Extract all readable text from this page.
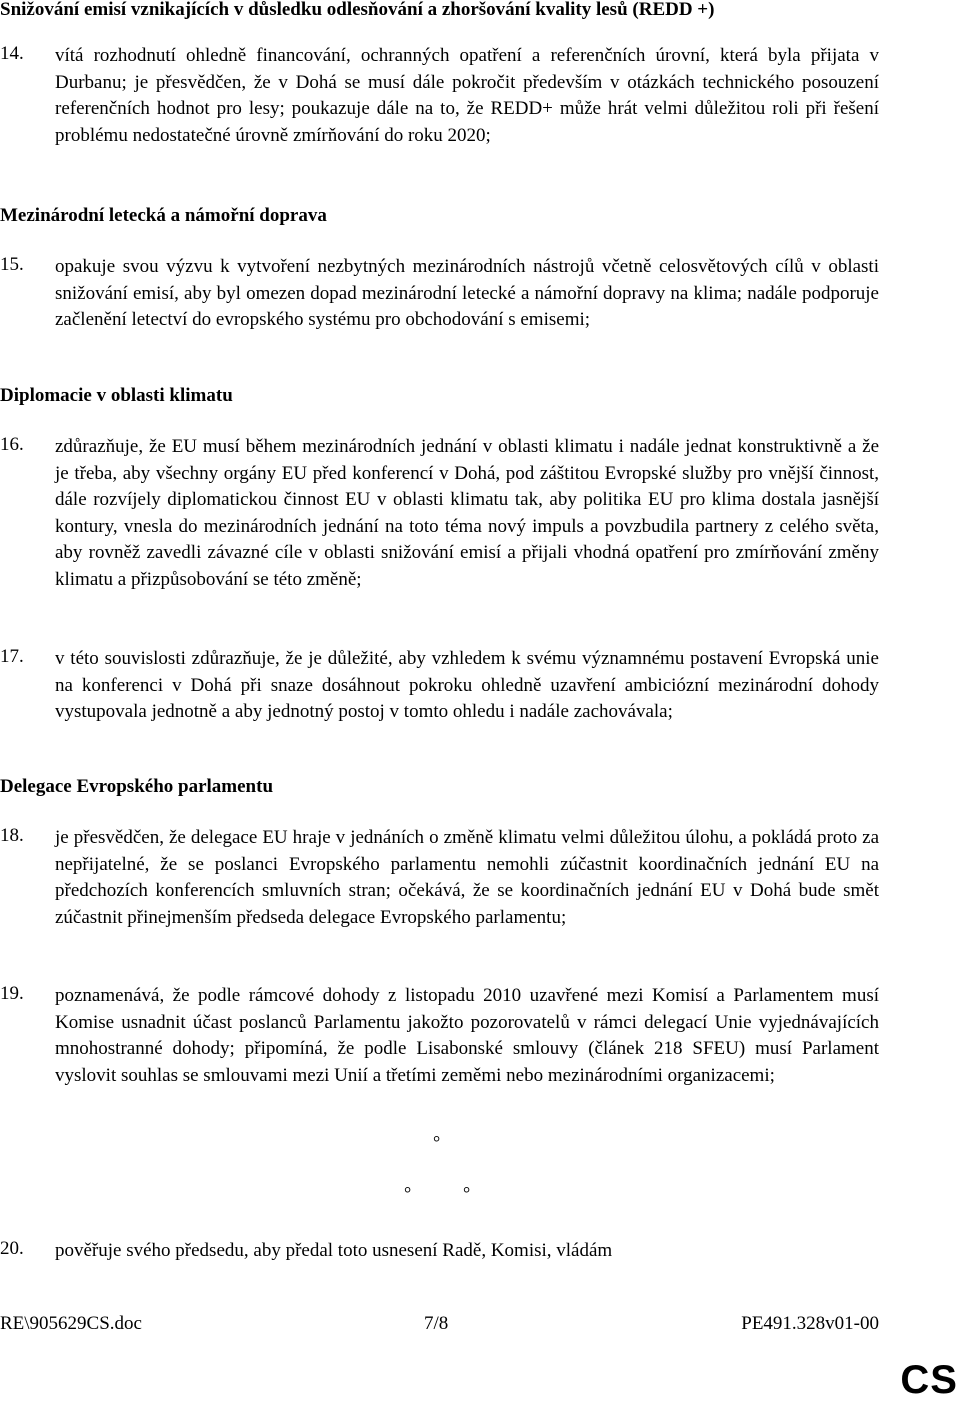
Snižování emisí vznikajících v důsledku odlesňování a zhoršování kvality lesů (REDD +)
14. vítá rozhodnutí ohledně financování, ochranných opatření a referenčních úrovní, která byla přijata v Durbanu; je přesvědčen, že v Dohá se musí dále pokročit především v otázkách technického posouzení referenčních hodnot pro lesy; poukazuje dále na to, že REDD+ může hrát velmi důležitou roli při řešení problému nedostatečné úrovně zmírňování do roku 2020;
Mezinárodní letecká a námořní doprava
15. opakuje svou výzvu k vytvoření nezbytných mezinárodních nástrojů včetně celosvětových cílů v oblasti snižování emisí, aby byl omezen dopad mezinárodní letecké a námořní dopravy na klima; nadále podporuje začlenění letectví do evropského systému pro obchodování s emisemi;
Diplomacie v oblasti klimatu
16. zdůrazňuje, že EU musí během mezinárodních jednání v oblasti klimatu i nadále jednat konstruktivně a že je třeba, aby všechny orgány EU před konferencí v Dohá, pod záštitou Evropské služby pro vnější činnost, dále rozvíjely diplomatickou činnost EU v oblasti klimatu tak, aby politika EU pro klima dostala jasnější kontury, vnesla do mezinárodních jednání na toto téma nový impuls a povzbudila partnery z celého světa, aby rovněž zavedli závazné cíle v oblasti snižování emisí a přijali vhodná opatření pro zmírňování změny klimatu a přizpůsobování se této změně;
17. v této souvislosti zdůrazňuje, že je důležité, aby vzhledem k svému významnému postavení Evropská unie na konferenci v Dohá při snaze dosáhnout pokroku ohledně uzavření ambiciózní mezinárodní dohody vystupovala jednotně a aby jednotný postoj v tomto ohledu i nadále zachovávala;
Delegace Evropského parlamentu
18. je přesvědčen, že delegace EU hraje v jednáních o změně klimatu velmi důležitou úlohu, a pokládá proto za nepřijatelné, že se poslanci Evropského parlamentu nemohli zúčastnit koordinačních jednání EU na předchozích konferencích smluvních stran; očekává, že se koordinačních jednání EU v Dohá bude smět zúčastnit přinejmenším předseda delegace Evropského parlamentu;
19. poznamenává, že podle rámcové dohody z listopadu 2010 uzavřené mezi Komisí a Parlamentem musí Komise usnadnit účast poslanců Parlamentu jakožto pozorovatelů v rámci delegací Unie vyjednávajících mnohostranné dohody; připomíná, že podle Lisabonské smlouvy (článek 218 SFEU) musí Parlament vyslovit souhlas se smlouvami mezi Unií a třetími zeměmi nebo mezinárodními organizacemi;
°
°	°
20. pověřuje svého předsedu, aby předal toto usnesení Radě, Komisi, vládám
RE\905629CS.doc	7/8	PE491.328v01-00
CS
